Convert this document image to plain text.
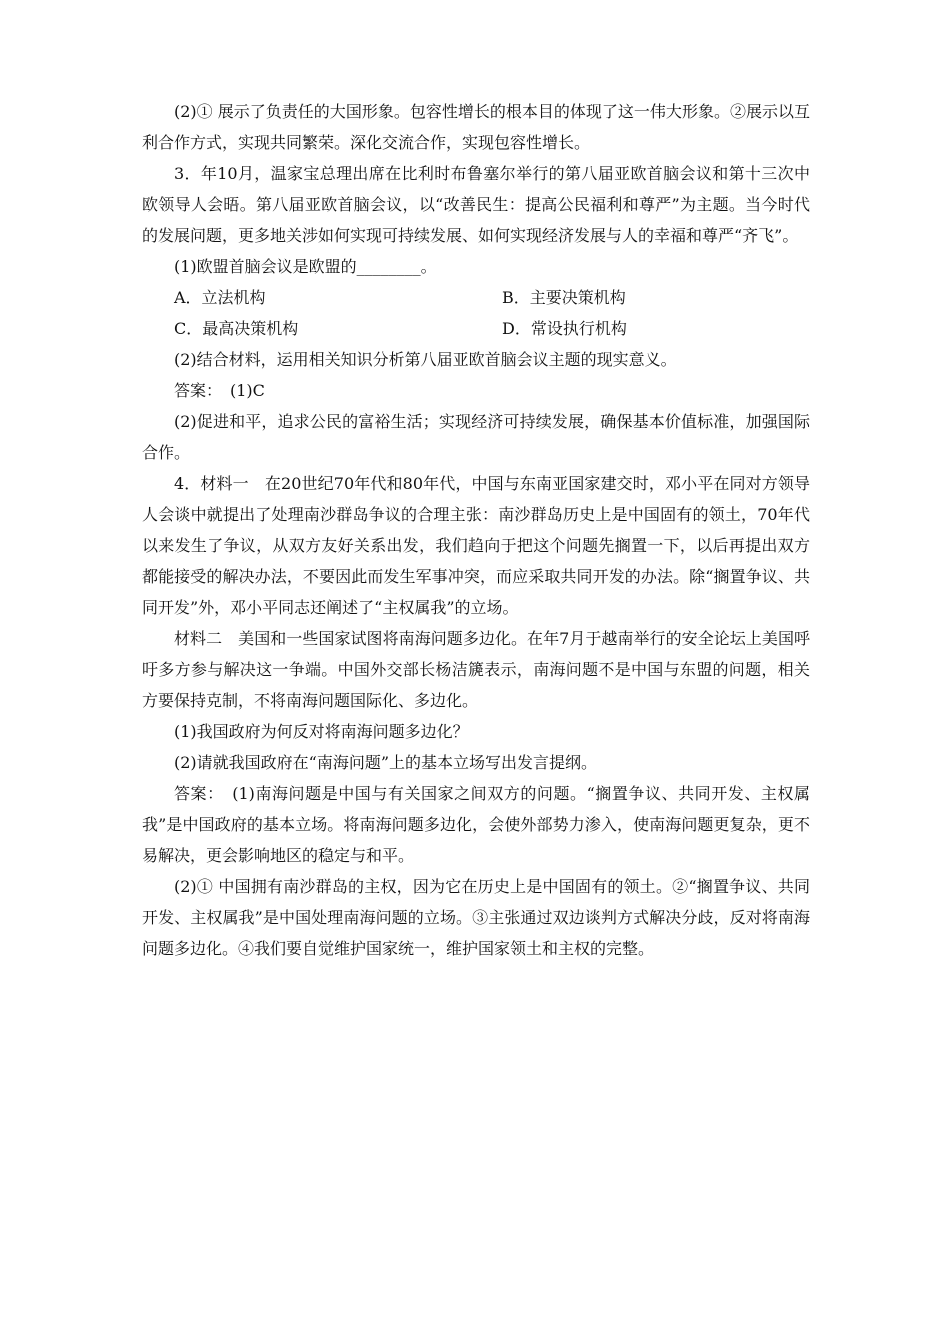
(2)① 展示了负责任的大国形象。包容性增长的根本目的体现了这一伟大形象。②展示以互利合作方式，实现共同繁荣。深化交流合作，实现包容性增长。

3．年10月，温家宝总理出席在比利时布鲁塞尔举行的第八届亚欧首脑会议和第十三次中欧领导人会晤。第八届亚欧首脑会议，以“改善民生：提高公民福利和尊严”为主题。当今时代的发展问题，更多地关涉如何实现可持续发展、如何实现经济发展与人的幸福和尊严“齐飞”。

(1)欧盟首脑会议是欧盟的________。

A．立法机构	B．主要决策机构
C．最高决策机构	D．常设执行机构

(2)结合材料，运用相关知识分析第八届亚欧首脑会议主题的现实意义。

答案：　(1)C

(2)促进和平，追求公民的富裕生活；实现经济可持续发展，确保基本价值标准，加强国际合作。

4．材料一　在20世纪70年代和80年代，中国与东南亚国家建交时，邓小平在同对方领导人会谈中就提出了处理南沙群岛争议的合理主张：南沙群岛历史上是中国固有的领土，70年代以来发生了争议，从双方友好关系出发，我们趋向于把这个问题先搁置一下，以后再提出双方都能接受的解决办法，不要因此而发生军事冲突，而应采取共同开发的办法。除“搁置争议、共同开发”外，邓小平同志还阐述了“主权属我”的立场。

材料二　美国和一些国家试图将南海问题多边化。在年7月于越南举行的安全论坛上美国呼吁多方参与解决这一争端。中国外交部长杨洁篪表示，南海问题不是中国与东盟的问题，相关方要保持克制，不将南海问题国际化、多边化。

(1)我国政府为何反对将南海问题多边化？

(2)请就我国政府在“南海问题”上的基本立场写出发言提纲。

答案：　(1)南海问题是中国与有关国家之间双方的问题。“搁置争议、共同开发、主权属我”是中国政府的基本立场。将南海问题多边化，会使外部势力渗入，使南海问题更复杂，更不易解决，更会影响地区的稳定与和平。

(2)① 中国拥有南沙群岛的主权，因为它在历史上是中国固有的领土。②“搁置争议、共同开发、主权属我”是中国处理南海问题的立场。③主张通过双边谈判方式解决分歧，反对将南海问题多边化。④我们要自觉维护国家统一，维护国家领土和主权的完整。
